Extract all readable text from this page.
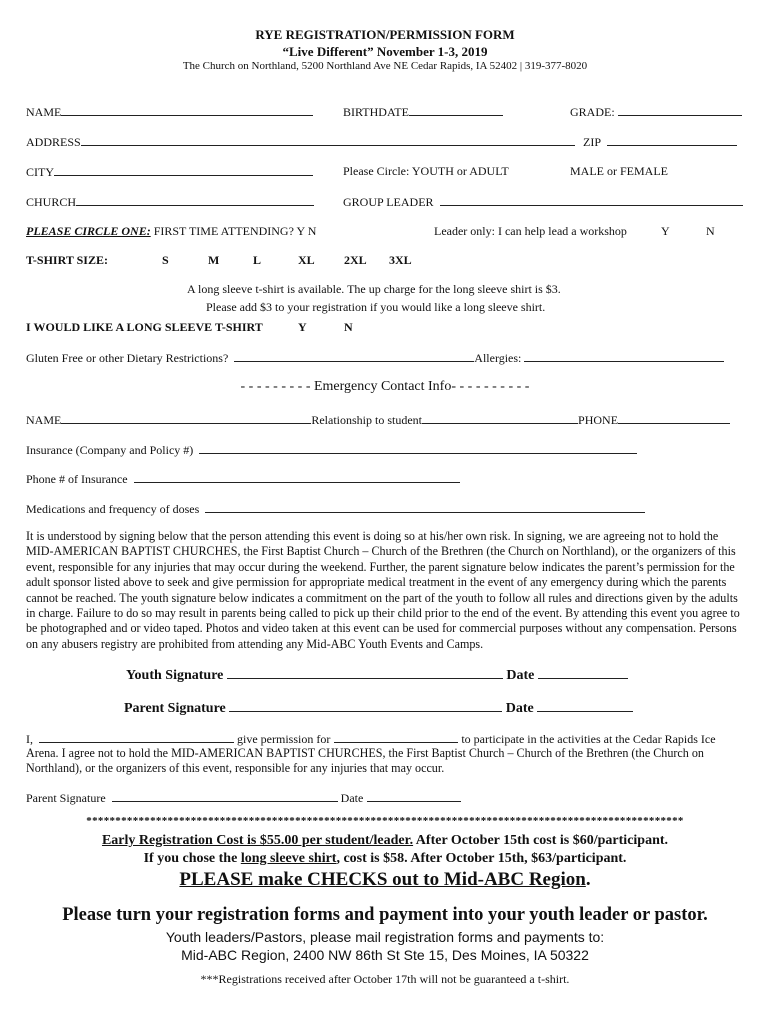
RYE REGISTRATION/PERMISSION FORM
“Live Different” November 1-3, 2019
The Church on Northland, 5200 Northland Ave NE Cedar Rapids, IA 52402 | 319-377-8020
NAME	BIRTHDATE	GRADE:
ADDRESS	ZIP
CITY	Please Circle: YOUTH or ADULT	MALE or FEMALE
CHURCH	GROUP LEADER
PLEASE CIRCLE ONE: FIRST TIME ATTENDING? Y N	Leader only: I can help lead a workshop	Y	N
T-SHIRT SIZE:	S	M	L	XL 2XL 3XL
A long sleeve t-shirt is available. The up charge for the long sleeve shirt is $3.
Please add $3 to your registration if you would like a long sleeve shirt.
I WOULD LIKE A LONG SLEEVE T-SHIRT	Y	N
Gluten Free or other Dietary Restrictions?	Allergies:
- - - - - - - - - Emergency Contact Info- - - - - - - - - -
NAME	Relationship to student	PHONE
Insurance (Company and Policy #)
Phone # of Insurance
Medications and frequency of doses
It is understood by signing below that the person attending this event is doing so at his/her own risk. In signing, we are agreeing not to hold the MID-AMERICAN BAPTIST CHURCHES, the First Baptist Church – Church of the Brethren (the Church on Northland), or the organizers of this event, responsible for any injuries that may occur during the weekend. Further, the parent signature below indicates the parent’s permission for the adult sponsor listed above to seek and give permission for appropriate medical treatment in the event of any emergency during which the parents cannot be reached. The youth signature below indicates a commitment on the part of the youth to follow all rules and directions given by the adults in charge. Failure to do so may result in parents being called to pick up their child prior to the end of the event. By attending this event you agree to be photographed and or video taped. Photos and video taken at this event can be used for commercial purposes without any compensation. Persons on any abusers registry are prohibited from attending any Mid-ABC Youth Events and Camps.
Youth Signature	Date
Parent Signature	Date
I,	give permission for	to participate in the activities at the Cedar Rapids Ice
Arena. I agree not to hold the MID-AMERICAN BAPTIST CHURCHES, the First Baptist Church – Church of the Brethren (the Church on Northland), or the organizers of this event, responsible for any injuries that may occur.
Parent Signature	Date
*******************************************************************************************************
Early Registration Cost is $55.00 per student/leader. After October 15th cost is $60/participant.
If you chose the long sleeve shirt, cost is $58. After October 15th, $63/participant.
PLEASE make CHECKS out to Mid-ABC Region.
Please turn your registration forms and payment into your youth leader or pastor.
Youth leaders/Pastors, please mail registration forms and payments to:
Mid-ABC Region, 2400 NW 86th St Ste 15, Des Moines, IA 50322
***Registrations received after October 17th will not be guaranteed a t-shirt.
